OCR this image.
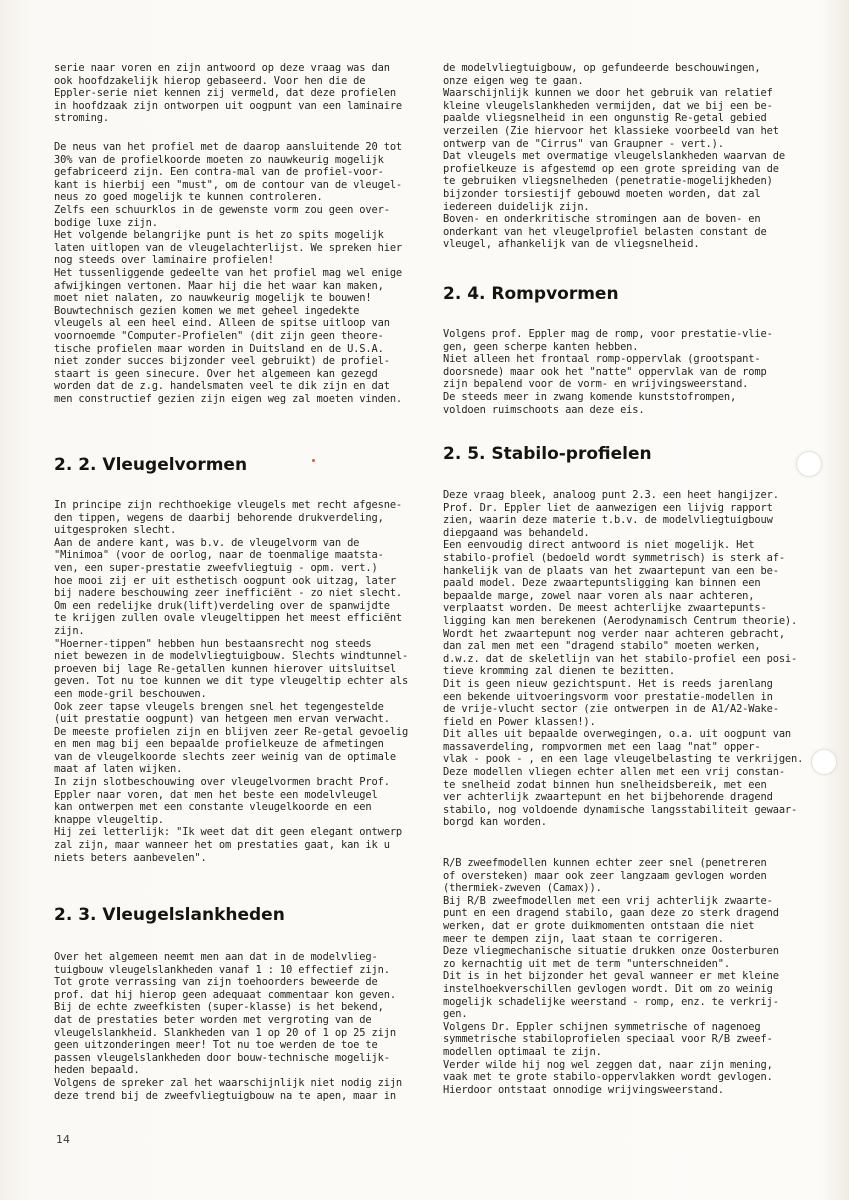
serie naar voren en zijn antwoord op deze vraag was dan
ook hoofdzakelijk hierop gebaseerd. Voor hen die de
Eppler-serie niet kennen zij vermeld, dat deze profielen
in hoofdzaak zijn ontworpen uit oogpunt van een laminaire
stroming.

De neus van het profiel met de daarop aansluitende 20 tot
30% van de profielkoorde moeten zo nauwkeurig mogelijk
gefabriceerd zijn. Een contra-mal van de profiel-voor-
kant is hierbij een "must", om de contour van de vleugel-
neus zo goed mogelijk te kunnen controleren.
Zelfs een schuurklos in de gewenste vorm zou geen over-
bodige luxe zijn.
Het volgende belangrijke punt is het zo spits mogelijk
laten uitlopen van de vleugelachterlijst. We spreken hier
nog steeds over laminaire profielen!
Het tussenliggende gedeelte van het profiel mag wel enige
afwijkingen vertonen. Maar hij die het waar kan maken,
moet niet nalaten, zo nauwkeurig mogelijk te bouwen!
Bouwtechnisch gezien komen we met geheel ingedekte
vleugels al een heel eind. Alleen de spitse uitloop van
voornoemde "Computer-Profielen" (dit zijn geen theore-
tische profielen maar worden in Duitsland en de U.S.A.
niet zonder succes bijzonder veel gebruikt) de profiel-
staart is geen sinecure. Over het algemeen kan gezegd
worden dat de z.g. handelsmaten veel te dik zijn en dat
men constructief gezien zijn eigen weg zal moeten vinden.

2. 2. Vleugelvormen

In principe zijn rechthoekige vleugels met recht afgesne-
den tippen, wegens de daarbij behorende drukverdeling,
uitgesproken slecht.
Aan de andere kant, was b.v. de vleugelvorm van de
"Minimoa" (voor de oorlog, naar de toenmalige maatsta-
ven, een super-prestatie zweefvliegtuig - opm. vert.)
hoe mooi zij er uit esthetisch oogpunt ook uitzag, later
bij nadere beschouwing zeer inefficiënt - zo niet slecht.
Om een redelijke druk(lift)verdeling over de spanwijdte
te krijgen zullen ovale vleugeltippen het meest efficiënt
zijn.
"Hoerner-tippen" hebben hun bestaansrecht nog steeds
niet bewezen in de modelvliegtuigbouw. Slechts windtunnel-
proeven bij lage Re-getallen kunnen hierover uitsluitsel
geven. Tot nu toe kunnen we dit type vleugeltip echter als
een mode-gril beschouwen.
Ook zeer tapse vleugels brengen snel het tegengestelde
(uit prestatie oogpunt) van hetgeen men ervan verwacht.
De meeste profielen zijn en blijven zeer Re-getal gevoelig
en men mag bij een bepaalde profielkeuze de afmetingen
van de vleugelkoorde slechts zeer weinig van de optimale
maat af laten wijken.
In zijn slotbeschouwing over vleugelvormen bracht Prof.
Eppler naar voren, dat men het beste een modelvleugel
kan ontwerpen met een constante vleugelkoorde en een
knappe vleugeltip.
Hij zei letterlijk: "Ik weet dat dit geen elegant ontwerp
zal zijn, maar wanneer het om prestaties gaat, kan ik u
niets beters aanbevelen".

2. 3. Vleugelslankheden

Over het algemeen neemt men aan dat in de modelvlieg-
tuigbouw vleugelslankheden vanaf 1 : 10 effectief zijn.
Tot grote verrassing van zijn toehoorders beweerde de
prof. dat hij hierop geen adequaat commentaar kon geven.
Bij de echte zweefkisten (super-klasse) is het bekend,
dat de prestaties beter worden met vergroting van de
vleugelslankheid. Slankheden van 1 op 20 of 1 op 25 zijn
geen uitzonderingen meer! Tot nu toe werden de toe te
passen vleugelslankheden door bouw-technische mogelijk-
heden bepaald.
Volgens de spreker zal het waarschijnlijk niet nodig zijn
deze trend bij de zweefvliegtuigbouw na te apen, maar in

de modelvliegtuigbouw, op gefundeerde beschouwingen,
onze eigen weg te gaan.
Waarschijnlijk kunnen we door het gebruik van relatief
kleine vleugelslankheden vermijden, dat we bij een be-
paalde vliegsnelheid in een ongunstig Re-getal gebied
verzeilen (Zie hiervoor het klassieke voorbeeld van het
ontwerp van de "Cirrus" van Graupner - vert.).
Dat vleugels met overmatige vleugelslankheden waarvan de
profielkeuze is afgestemd op een grote spreiding van de
te gebruiken vliegsnelheden (penetratie-mogelijkheden)
bijzonder torsiestijf gebouwd moeten worden, dat zal
iedereen duidelijk zijn.
Boven- en onderkritische stromingen aan de boven- en
onderkant van het vleugelprofiel belasten constant de
vleugel, afhankelijk van de vliegsnelheid.

2. 4. Rompvormen

Volgens prof. Eppler mag de romp, voor prestatie-vlie-
gen, geen scherpe kanten hebben.
Niet alleen het frontaal romp-oppervlak (grootspant-
doorsnede) maar ook het "natte" oppervlak van de romp
zijn bepalend voor de vorm- en wrijvingsweerstand.
De steeds meer in zwang komende kunststofrompen,
voldoen ruimschoots aan deze eis.

2. 5. Stabilo-profielen

Deze vraag bleek, analoog punt 2.3. een heet hangijzer.
Prof. Dr. Eppler liet de aanwezigen een lijvig rapport
zien, waarin deze materie t.b.v. de modelvliegtuigbouw
diepgaand was behandeld.
Een eenvoudig direct antwoord is niet mogelijk. Het
stabilo-profiel (bedoeld wordt symmetrisch) is sterk af-
hankelijk van de plaats van het zwaartepunt van een be-
paald model. Deze zwaartepuntsligging kan binnen een
bepaalde marge, zowel naar voren als naar achteren,
verplaatst worden. De meest achterlijke zwaartepunts-
ligging kan men berekenen (Aerodynamisch Centrum theorie).
Wordt het zwaartepunt nog verder naar achteren gebracht,
dan zal men met een "dragend stabilo" moeten werken,
d.w.z. dat de skeletlijn van het stabilo-profiel een posi-
tieve kromming zal dienen te bezitten.
Dit is geen nieuw gezichtspunt. Het is reeds jarenlang
een bekende uitvoeringsvorm voor prestatie-modellen in
de vrije-vlucht sector (zie ontwerpen in de A1/A2-Wake-
field en Power klassen!).
Dit alles uit bepaalde overwegingen, o.a. uit oogpunt van
massaverdeling, rompvormen met een laag "nat" opper-
vlak - pook - , en een lage vleugelbelasting te verkrijgen.
Deze modellen vliegen echter allen met een vrij constan-
te snelheid zodat binnen hun snelheidsbereik, met een
ver achterlijk zwaartepunt en het bijbehorende dragend
stabilo, nog voldoende dynamische langsstabiliteit gewaar-
borgd kan worden.

R/B zweefmodellen kunnen echter zeer snel (penetreren
of oversteken) maar ook zeer langzaam gevlogen worden
(thermiek-zweven (Camax)).
Bij R/B zweefmodellen met een vrij achterlijk zwaarte-
punt en een dragend stabilo, gaan deze zo sterk dragend
werken, dat er grote duikmomenten ontstaan die niet
meer te dempen zijn, laat staan te corrigeren.
Deze vliegmechanische situatie drukken onze Oosterburen
zo kernachtig uit met de term "unterschneiden".
Dit is in het bijzonder het geval wanneer er met kleine
instelhoekverschillen gevlogen wordt. Dit om zo weinig
mogelijk schadelijke weerstand - romp, enz. te verkrij-
gen.
Volgens Dr. Eppler schijnen symmetrische of nagenoeg
symmetrische stabiloprofielen speciaal voor R/B zweef-
modellen optimaal te zijn.
Verder wilde hij nog wel zeggen dat, naar zijn mening,
vaak met te grote stabilo-oppervlakken wordt gevlogen.
Hierdoor ontstaat onnodige wrijvingsweerstand.

14
